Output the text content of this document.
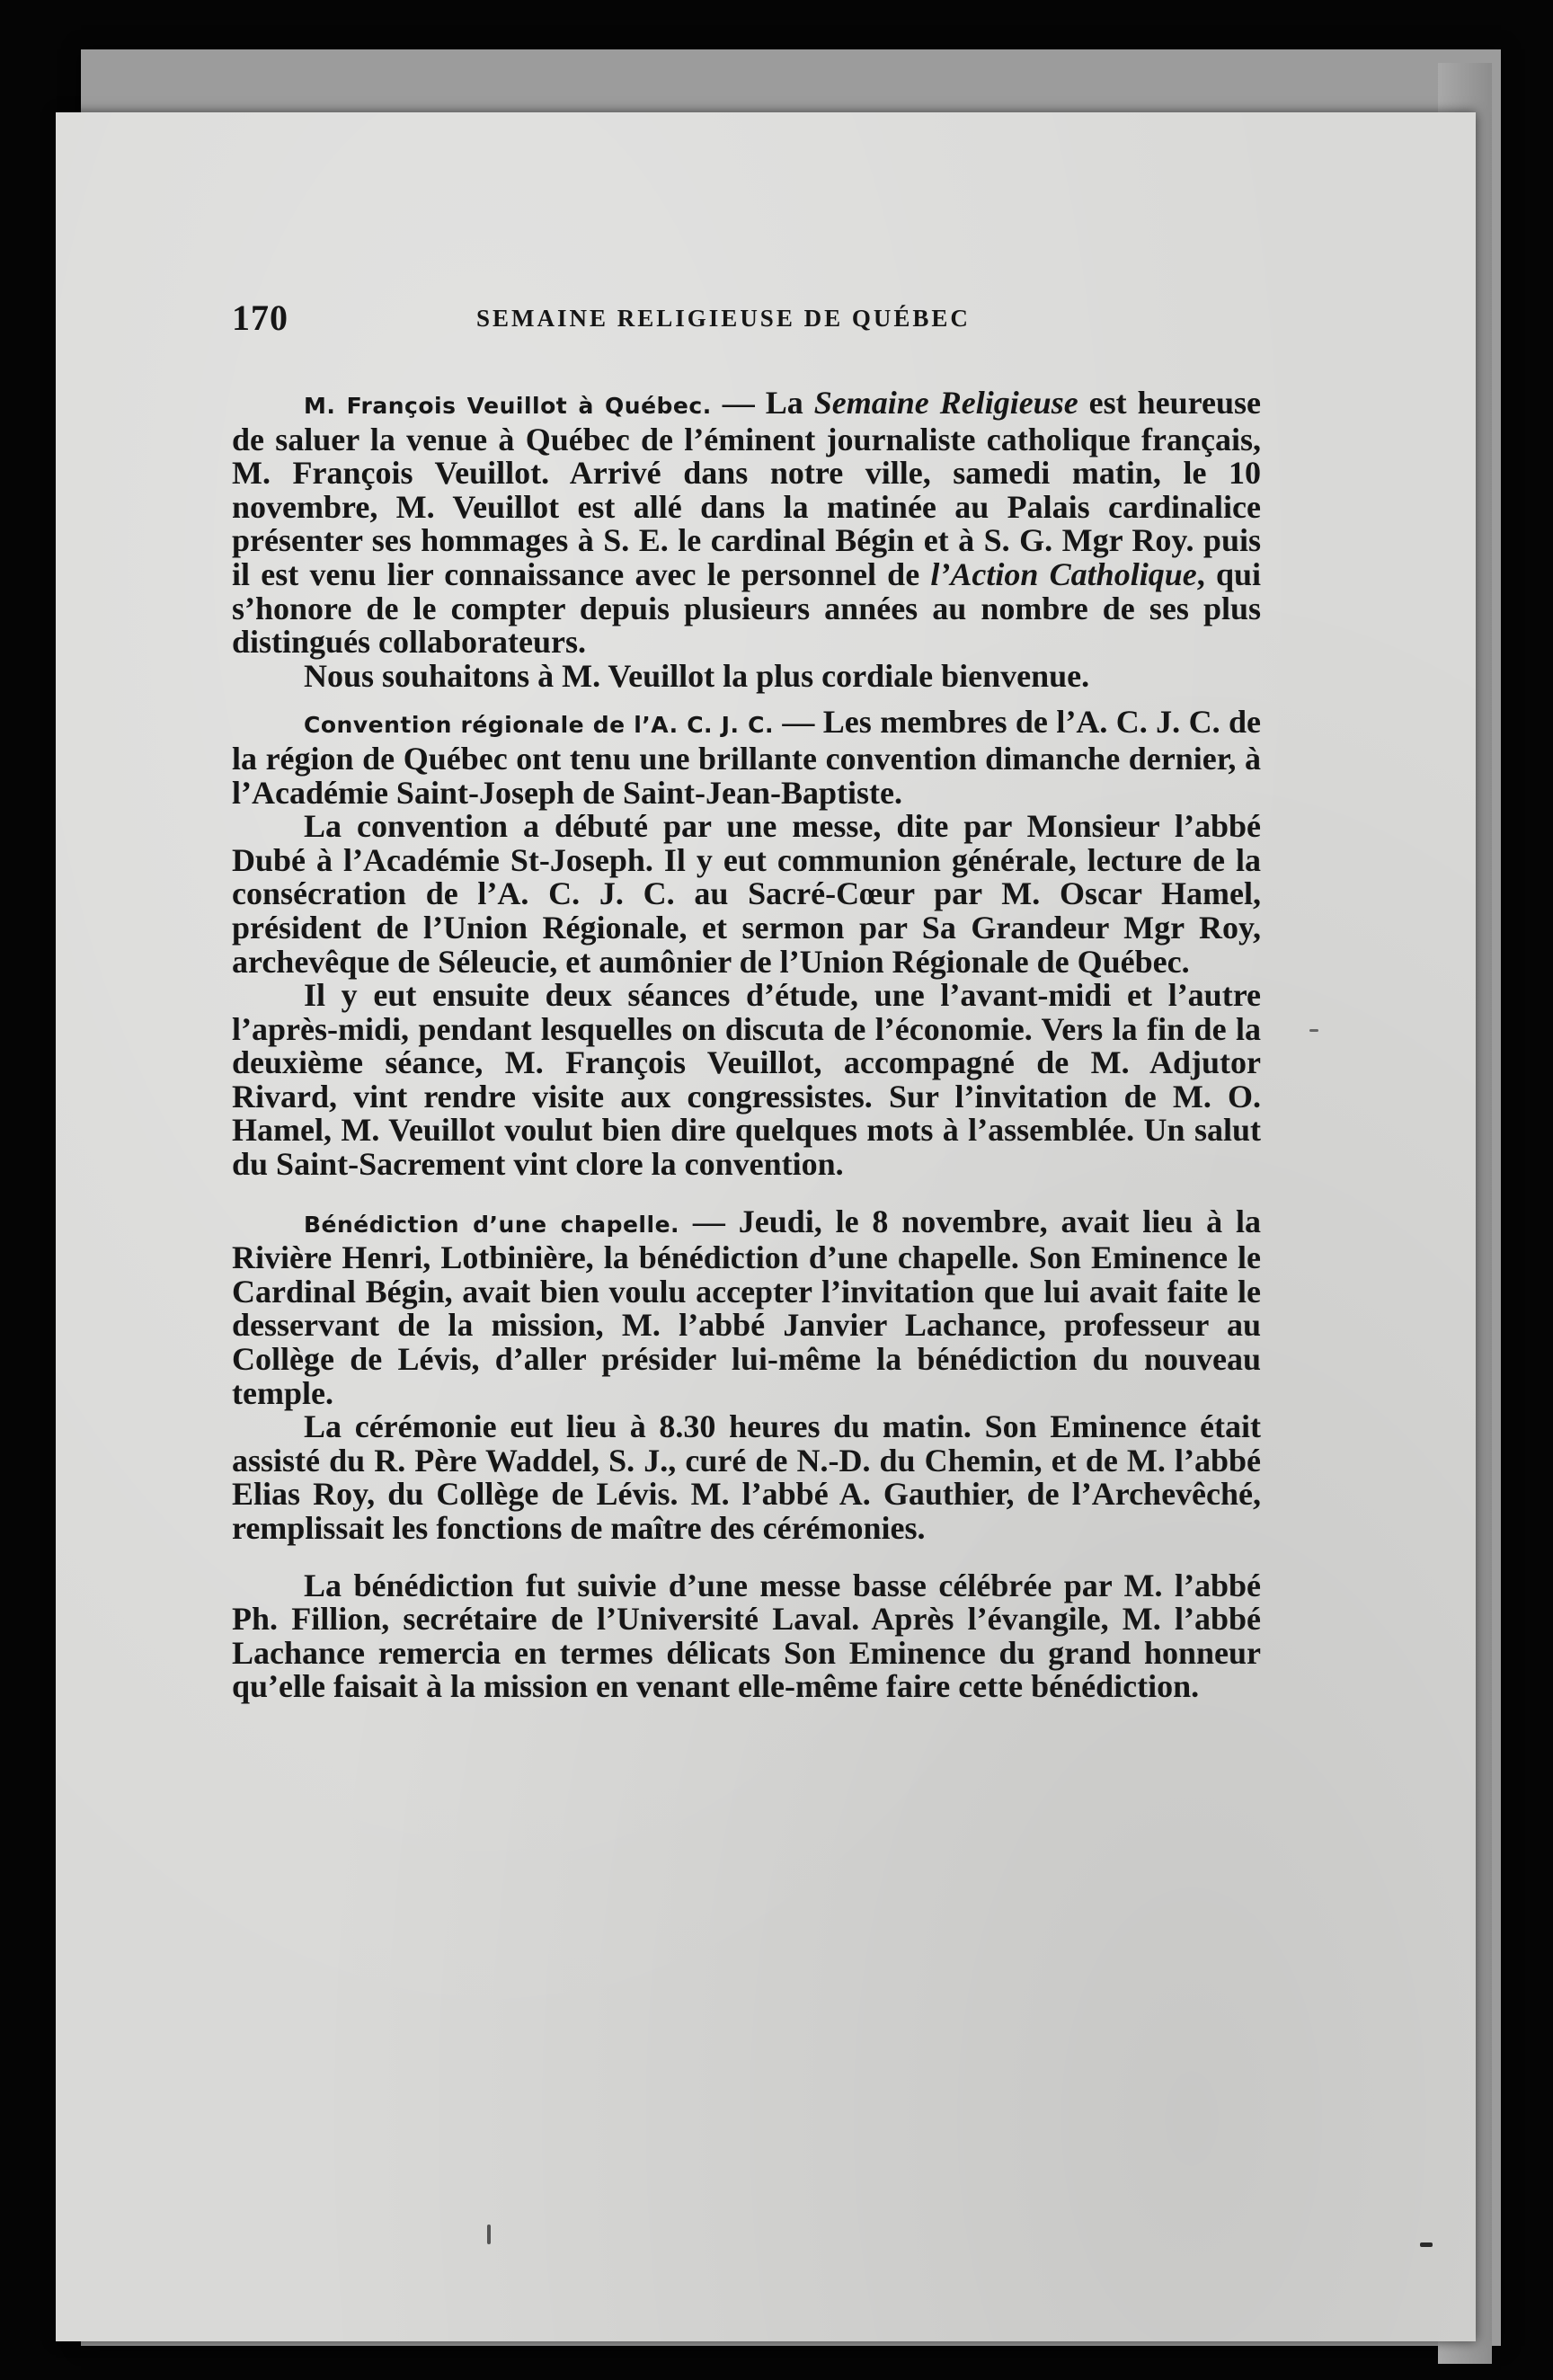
170	SEMAINE RELIGIEUSE DE QUÉBEC

M. François Veuillot à Québec. — La Semaine Religieuse est heureuse de saluer la venue à Québec de l’éminent journaliste catholique français, M. François Veuillot. Arrivé dans notre ville, samedi matin, le 10 novembre, M. Veuillot est allé dans la matinée au Palais cardinalice présenter ses hommages à S. E. le cardinal Bégin et à S. G. Mgr Roy. puis il est venu lier connaissance avec le personnel de l’Action Catholique, qui s’honore de le compter depuis plusieurs années au nombre de ses plus distingués collaborateurs.

Nous souhaitons à M. Veuillot la plus cordiale bienvenue.

Convention régionale de l’A. C. J. C. — Les membres de l’A. C. J. C. de la région de Québec ont tenu une brillante convention dimanche dernier, à l’Académie Saint-Joseph de Saint-Jean-Baptiste.

La convention a débuté par une messe, dite par Monsieur l’abbé Dubé à l’Académie St-Joseph. Il y eut communion générale, lecture de la consécration de l’A. C. J. C. au Sacré-Cœur par M. Oscar Hamel, président de l’Union Régionale, et sermon par Sa Grandeur Mgr Roy, archevêque de Séleucie, et aumônier de l’Union Régionale de Québec.

Il y eut ensuite deux séances d’étude, une l’avant-midi et l’autre l’après-midi, pendant lesquelles on discuta de l’économie. Vers la fin de la deuxième séance, M. François Veuillot, accompagné de M. Adjutor Rivard, vint rendre visite aux congressistes. Sur l’invitation de M. O. Hamel, M. Veuillot voulut bien dire quelques mots à l’assemblée. Un salut du Saint-Sacrement vint clore la convention.

Bénédiction d’une chapelle. — Jeudi, le 8 novembre, avait lieu à la Rivière Henri, Lotbinière, la bénédiction d’une chapelle. Son Eminence le Cardinal Bégin, avait bien voulu accepter l’invitation que lui avait faite le desservant de la mission, M. l’abbé Janvier Lachance, professeur au Collège de Lévis, d’aller présider lui-même la bénédiction du nouveau temple.

La cérémonie eut lieu à 8.30 heures du matin. Son Eminence était assisté du R. Père Waddel, S. J., curé de N.-D. du Chemin, et de M. l’abbé Elias Roy, du Collège de Lévis. M. l’abbé A. Gauthier, de l’Archevêché, remplissait les fonctions de maître des cérémonies.

La bénédiction fut suivie d’une messe basse célébrée par M. l’abbé Ph. Fillion, secrétaire de l’Université Laval. Après l’évangile, M. l’abbé Lachance remercia en termes délicats Son Eminence du grand honneur qu’elle faisait à la mission en venant elle-même faire cette bénédiction.
